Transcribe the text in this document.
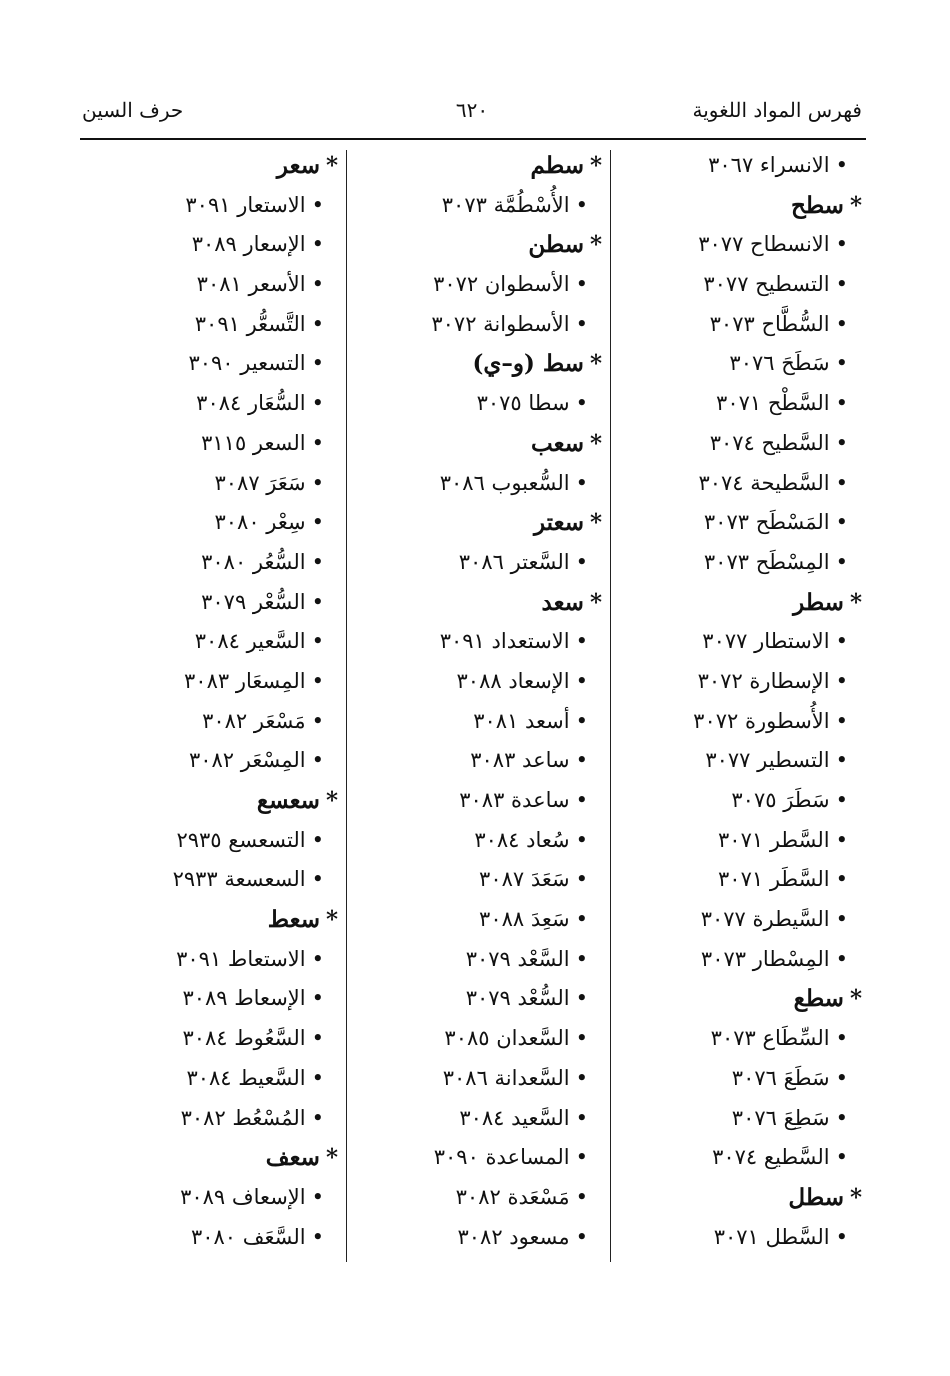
فهرس المواد اللغوية
٦٢٠
حرف السين
•الانسراء ٣٠٦٧
*سطح
•الانسطاح ٣٠٧٧
•التسطيح ٣٠٧٧
•السُّطَّاح ٣٠٧٣
•سَطَحَ ٣٠٧٦
•السَّطْح ٣٠٧١
•السَّطيح ٣٠٧٤
•السَّطيحة ٣٠٧٤
•المَسْطَح ٣٠٧٣
•المِسْطَح ٣٠٧٣
*سطر
•الاستطار ٣٠٧٧
•الإسطارة ٣٠٧٢
•الأُسطورة ٣٠٧٢
•التسطير ٣٠٧٧
•سَطَرَ ٣٠٧٥
•السَّطر ٣٠٧١
•السَّطَر ٣٠٧١
•السَّيطرة ٣٠٧٧
•المِسْطار ٣٠٧٣
*سطع
•السِّطَاع ٣٠٧٣
•سَطَعَ ٣٠٧٦
•سَطِعَ ٣٠٧٦
•السَّطيع ٣٠٧٤
*سطل
•السَّطل ٣٠٧١
*سطم
•الأُسْطُمَّة ٣٠٧٣
*سطن
•الأسطوان ٣٠٧٢
•الأسطوانة ٣٠٧٢
*سط (و–ي)
•سطا ٣٠٧٥
*سعب
•السُّعبوب ٣٠٨٦
*سعتر
•السَّعتر ٣٠٨٦
*سعد
•الاستعداد ٣٠٩١
•الإسعاد ٣٠٨٨
•أسعد ٣٠٨١
•ساعد ٣٠٨٣
•ساعدة ٣٠٨٣
•سُعاد ٣٠٨٤
•سَعَدَ ٣٠٨٧
•سَعِدَ ٣٠٨٨
•السَّعْد ٣٠٧٩
•السُّعْد ٣٠٧٩
•السَّعدان ٣٠٨٥
•السَّعدانة ٣٠٨٦
•السَّعيد ٣٠٨٤
•المساعدة ٣٠٩٠
•مَسْعَدة ٣٠٨٢
•مسعود ٣٠٨٢
*سعر
•الاستعار ٣٠٩١
•الإسعار ٣٠٨٩
•الأسعر ٣٠٨١
•التَّسعُّر ٣٠٩١
•التسعير ٣٠٩٠
•السُّعَار ٣٠٨٤
•السعر ٣١١٥
•سَعَرَ ٣٠٨٧
•سِعْر ٣٠٨٠
•السُّعُر ٣٠٨٠
•السُّعْر ٣٠٧٩
•السَّعير ٣٠٨٤
•المِسعَار ٣٠٨٣
•مَسْعَر ٣٠٨٢
•المِسْعَر ٣٠٨٢
*سعسع
•التسعسع ٢٩٣٥
•السعسعة ٢٩٣٣
*سعط
•الاستعاط ٣٠٩١
•الإسعاط ٣٠٨٩
•السَّعُوط ٣٠٨٤
•السَّعيط ٣٠٨٤
•المُسْعُط ٣٠٨٢
*سعف
•الإسعاف ٣٠٨٩
•السَّعَف ٣٠٨٠
